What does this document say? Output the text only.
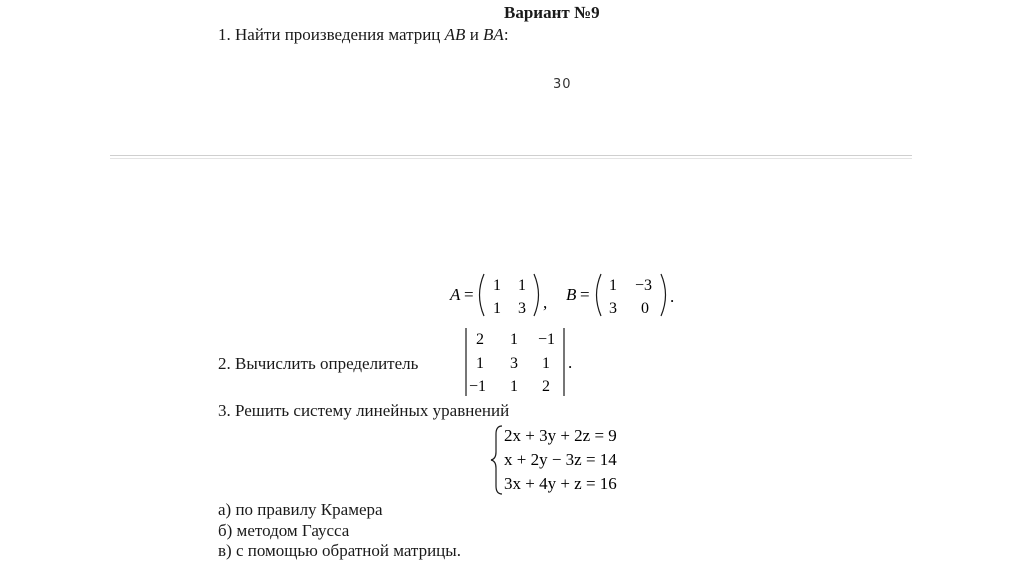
Вариант №9
1. Найти произведения матриц AB и BA:
30
A = 1 1
1 3 , B = 1 −3
3 0
.
2. Вычислить определитель
2 1 −1
1 3 1
−1 1 2
.
3. Решить систему линейных уравнений
2x + 3y + 2z = 9
x + 2y − 3z = 14
3x + 4y + z = 16
а) по правилу Крамера
б) методом Гаусса
в) с помощью обратной матрицы.
